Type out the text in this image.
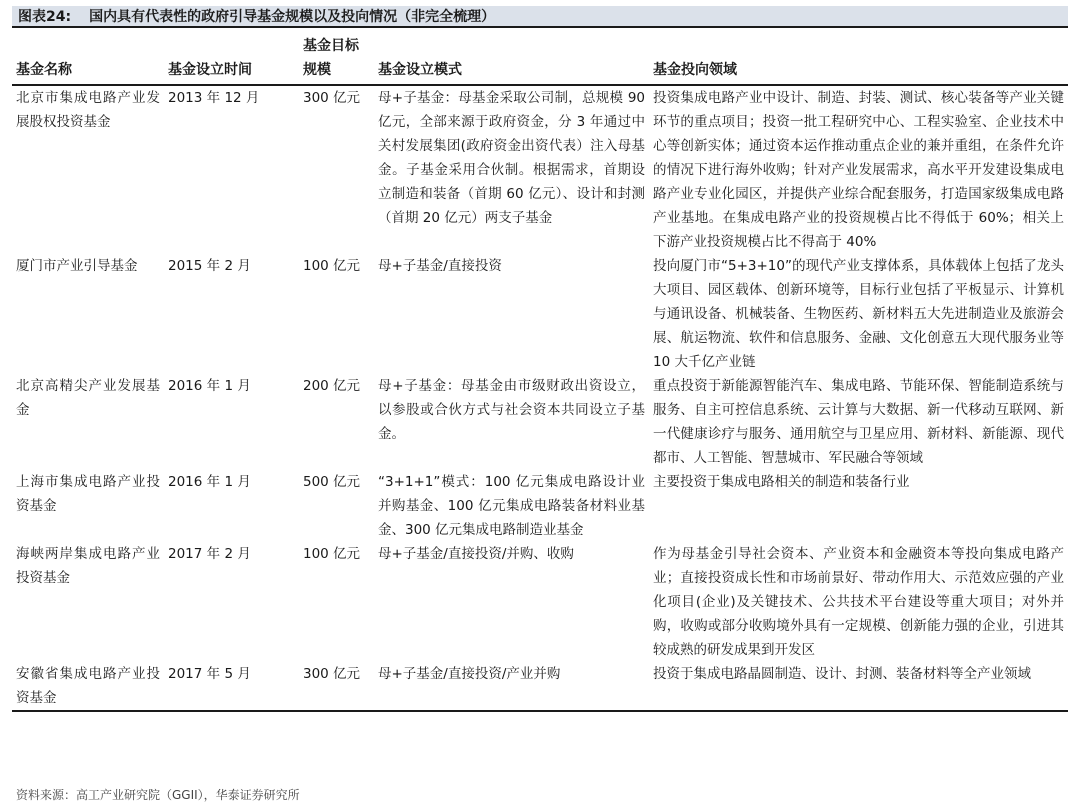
图表24: 国内具有代表性的政府引导基金规模以及投向情况（非完全梳理）
基金名称	基金设立时间	基金目标规模	基金设立模式	基金投向领域
北京市集成电路产业发展股权投资基金	2013 年 12 月	300 亿元	母+子基金：母基金采取公司制，总规模 90 亿元，全部来源于政府资金，分 3 年通过中关村发展集团(政府资金出资代表）注入母基金。子基金采用合伙制。根据需求，首期设立制造和装备（首期 60 亿元）、设计和封测（首期 20 亿元）两支子基金	投资集成电路产业中设计、制造、封装、测试、核心装备等产业关键环节的重点项目；投资一批工程研究中心、工程实验室、企业技术中心等创新实体；通过资本运作推动重点企业的兼并重组，在条件允许的情况下进行海外收购；针对产业发展需求，高水平开发建设集成电路产业专业化园区，并提供产业综合配套服务，打造国家级集成电路产业基地。在集成电路产业的投资规模占比不得低于 60%；相关上下游产业投资规模占比不得高于 40%
厦门市产业引导基金	2015 年 2 月	100 亿元	母+子基金/直接投资	投向厦门市“5+3+10”的现代产业支撑体系，具体载体上包括了龙头大项目、园区载体、创新环境等，目标行业包括了平板显示、计算机与通讯设备、机械装备、生物医药、新材料五大先进制造业及旅游会展、航运物流、软件和信息服务、金融、文化创意五大现代服务业等 10 大千亿产业链
北京高精尖产业发展基金	2016 年 1 月	200 亿元	母+子基金：母基金由市级财政出资设立，以参股或合伙方式与社会资本共同设立子基金。	重点投资于新能源智能汽车、集成电路、节能环保、智能制造系统与服务、自主可控信息系统、云计算与大数据、新一代移动互联网、新一代健康诊疗与服务、通用航空与卫星应用、新材料、新能源、现代都市、人工智能、智慧城市、军民融合等领域
上海市集成电路产业投资基金	2016 年 1 月	500 亿元	“3+1+1”模式：100 亿元集成电路设计业并购基金、100 亿元集成电路装备材料业基金、300 亿元集成电路制造业基金	主要投资于集成电路相关的制造和装备行业
海峡两岸集成电路产业投资基金	2017 年 2 月	100 亿元	母+子基金/直接投资/并购、收购	作为母基金引导社会资本、产业资本和金融资本等投向集成电路产业；直接投资成长性和市场前景好、带动作用大、示范效应强的产业化项目(企业)及关键技术、公共技术平台建设等重大项目；对外并购，收购或部分收购境外具有一定规模、创新能力强的企业，引进其较成熟的研发成果到开发区
安徽省集成电路产业投资基金	2017 年 5 月	300 亿元	母+子基金/直接投资/产业并购	投资于集成电路晶圆制造、设计、封测、装备材料等全产业领域
资料来源：高工产业研究院（GGII），华泰证券研究所
